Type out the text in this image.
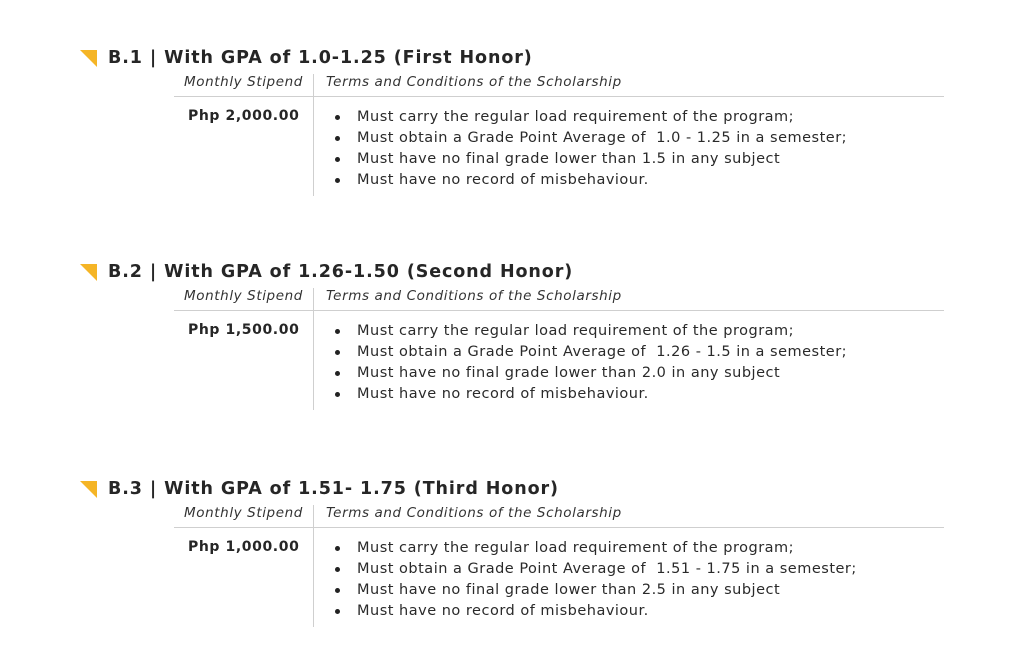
B.1 | With GPA of 1.0-1.25 (First Honor)
Monthly Stipend Terms and Conditions of the Scholarship
Php 2,000.00	Must carry the regular load requirement of the program;
Must obtain a Grade Point Average of  1.0 - 1.25 in a semester;
Must have no final grade lower than 1.5 in any subject
Must have no record of misbehaviour.
B.2 | With GPA of 1.26-1.50 (Second Honor)
Monthly Stipend Terms and Conditions of the Scholarship
Php 1,500.00	Must carry the regular load requirement of the program;
Must obtain a Grade Point Average of  1.26 - 1.5 in a semester;
Must have no final grade lower than 2.0 in any subject
Must have no record of misbehaviour.
B.3 | With GPA of 1.51- 1.75 (Third Honor)
Monthly Stipend Terms and Conditions of the Scholarship
Php 1,000.00	Must carry the regular load requirement of the program;
Must obtain a Grade Point Average of  1.51 - 1.75 in a semester;
Must have no final grade lower than 2.5 in any subject
Must have no record of misbehaviour.
